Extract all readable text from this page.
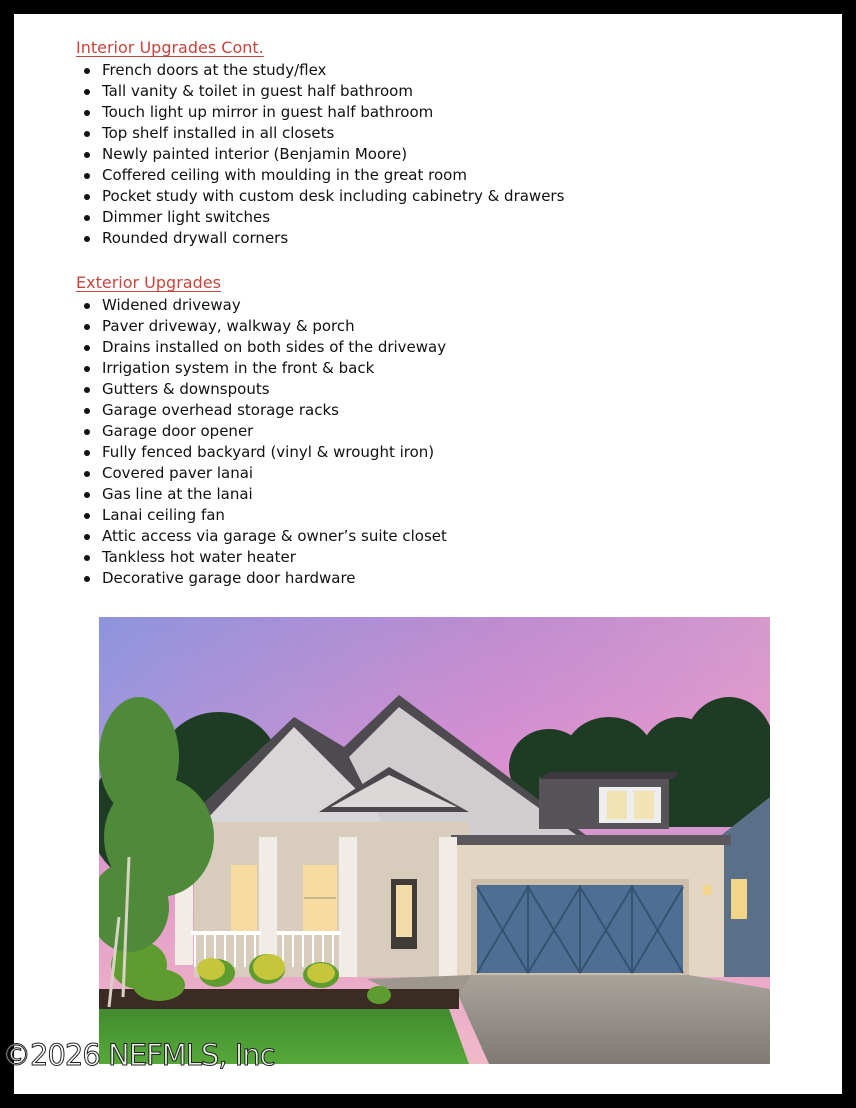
Interior Upgrades Cont.
French doors at the study/flex
Tall vanity & toilet in guest half bathroom
Touch light up mirror in guest half bathroom
Top shelf installed in all closets
Newly painted interior (Benjamin Moore)
Coffered ceiling with moulding in the great room
Pocket study with custom desk including cabinetry & drawers
Dimmer light switches
Rounded drywall corners
Exterior Upgrades
Widened driveway
Paver driveway, walkway & porch
Drains installed on both sides of the driveway
Irrigation system in the front & back
Gutters & downspouts
Garage overhead storage racks
Garage door opener
Fully fenced backyard (vinyl & wrought iron)
Covered paver lanai
Gas line at the lanai
Lanai ceiling fan
Attic access via garage & owner’s suite closet
Tankless hot water heater
Decorative garage door hardware
©2026 NEFMLS, Inc
